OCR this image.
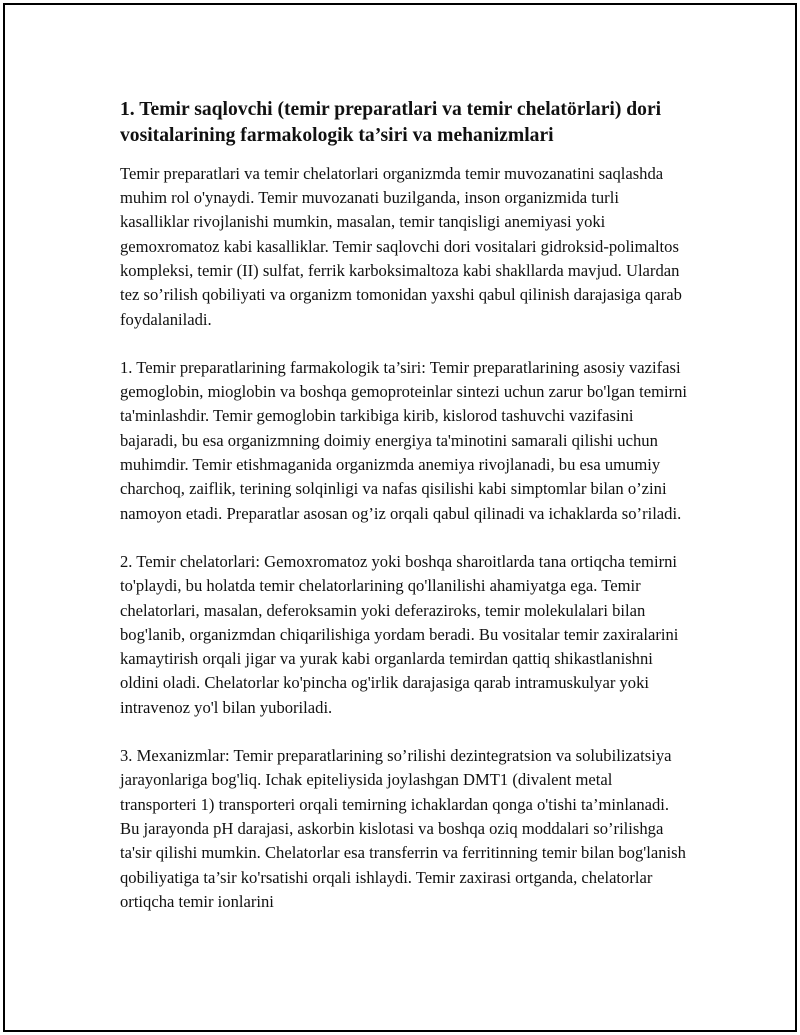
1. Temir saqlovchi (temir preparatlari va temir chelatörlari) dori vositalarining farmakologik ta’siri va mehanizmlari

Temir preparatlari va temir chelatorlari organizmda temir muvozanatini saqlashda muhim rol o'ynaydi. Temir muvozanati buzilganda, inson organizmida turli kasalliklar rivojlanishi mumkin, masalan, temir tanqisligi anemiyasi yoki gemoxromatoz kabi kasalliklar. Temir saqlovchi dori vositalari gidroksid-polimaltos kompleksi, temir (II) sulfat, ferrik karboksimaltoza kabi shakllarda mavjud. Ulardan tez so’rilish qobiliyati va organizm tomonidan yaxshi qabul qilinish darajasiga qarab foydalaniladi.

1. Temir preparatlarining farmakologik ta’siri: Temir preparatlarining asosiy vazifasi gemoglobin, mioglobin va boshqa gemoproteinlar sintezi uchun zarur bo'lgan temirni ta'minlashdir. Temir gemoglobin tarkibiga kirib, kislorod tashuvchi vazifasini bajaradi, bu esa organizmning doimiy energiya ta'minotini samarali qilishi uchun muhimdir. Temir etishmaganida organizmda anemiya rivojlanadi, bu esa umumiy charchoq, zaiflik, terining solqinligi va nafas qisilishi kabi simptomlar bilan o’zini namoyon etadi. Preparatlar asosan og’iz orqali qabul qilinadi va ichaklarda so’riladi.

2. Temir chelatorlari: Gemoxromatoz yoki boshqa sharoitlarda tana ortiqcha temirni to'playdi, bu holatda temir chelatorlarining qo'llanilishi ahamiyatga ega. Temir chelatorlari, masalan, deferoksamin yoki deferaziroks, temir molekulalari bilan bog'lanib, organizmdan chiqarilishiga yordam beradi. Bu vositalar temir zaxiralarini kamaytirish orqali jigar va yurak kabi organlarda temirdan qattiq shikastlanishni oldini oladi. Chelatorlar ko'pincha og'irlik darajasiga qarab intramuskulyar yoki intravenoz yo'l bilan yuboriladi.

3. Mexanizmlar: Temir preparatlarining so’rilishi dezintegratsion va solubilizatsiya jarayonlariga bog'liq. Ichak epiteliysida joylashgan DMT1 (divalent metal transporteri 1) transporteri orqali temirning ichaklardan qonga o'tishi ta’minlanadi. Bu jarayonda pH darajasi, askorbin kislotasi va boshqa oziq moddalari so’rilishga ta'sir qilishi mumkin. Chelatorlar esa transferrin va ferritinning temir bilan bog'lanish qobiliyatiga ta’sir ko'rsatishi orqali ishlaydi. Temir zaxirasi ortganda, chelatorlar ortiqcha temir ionlarini
